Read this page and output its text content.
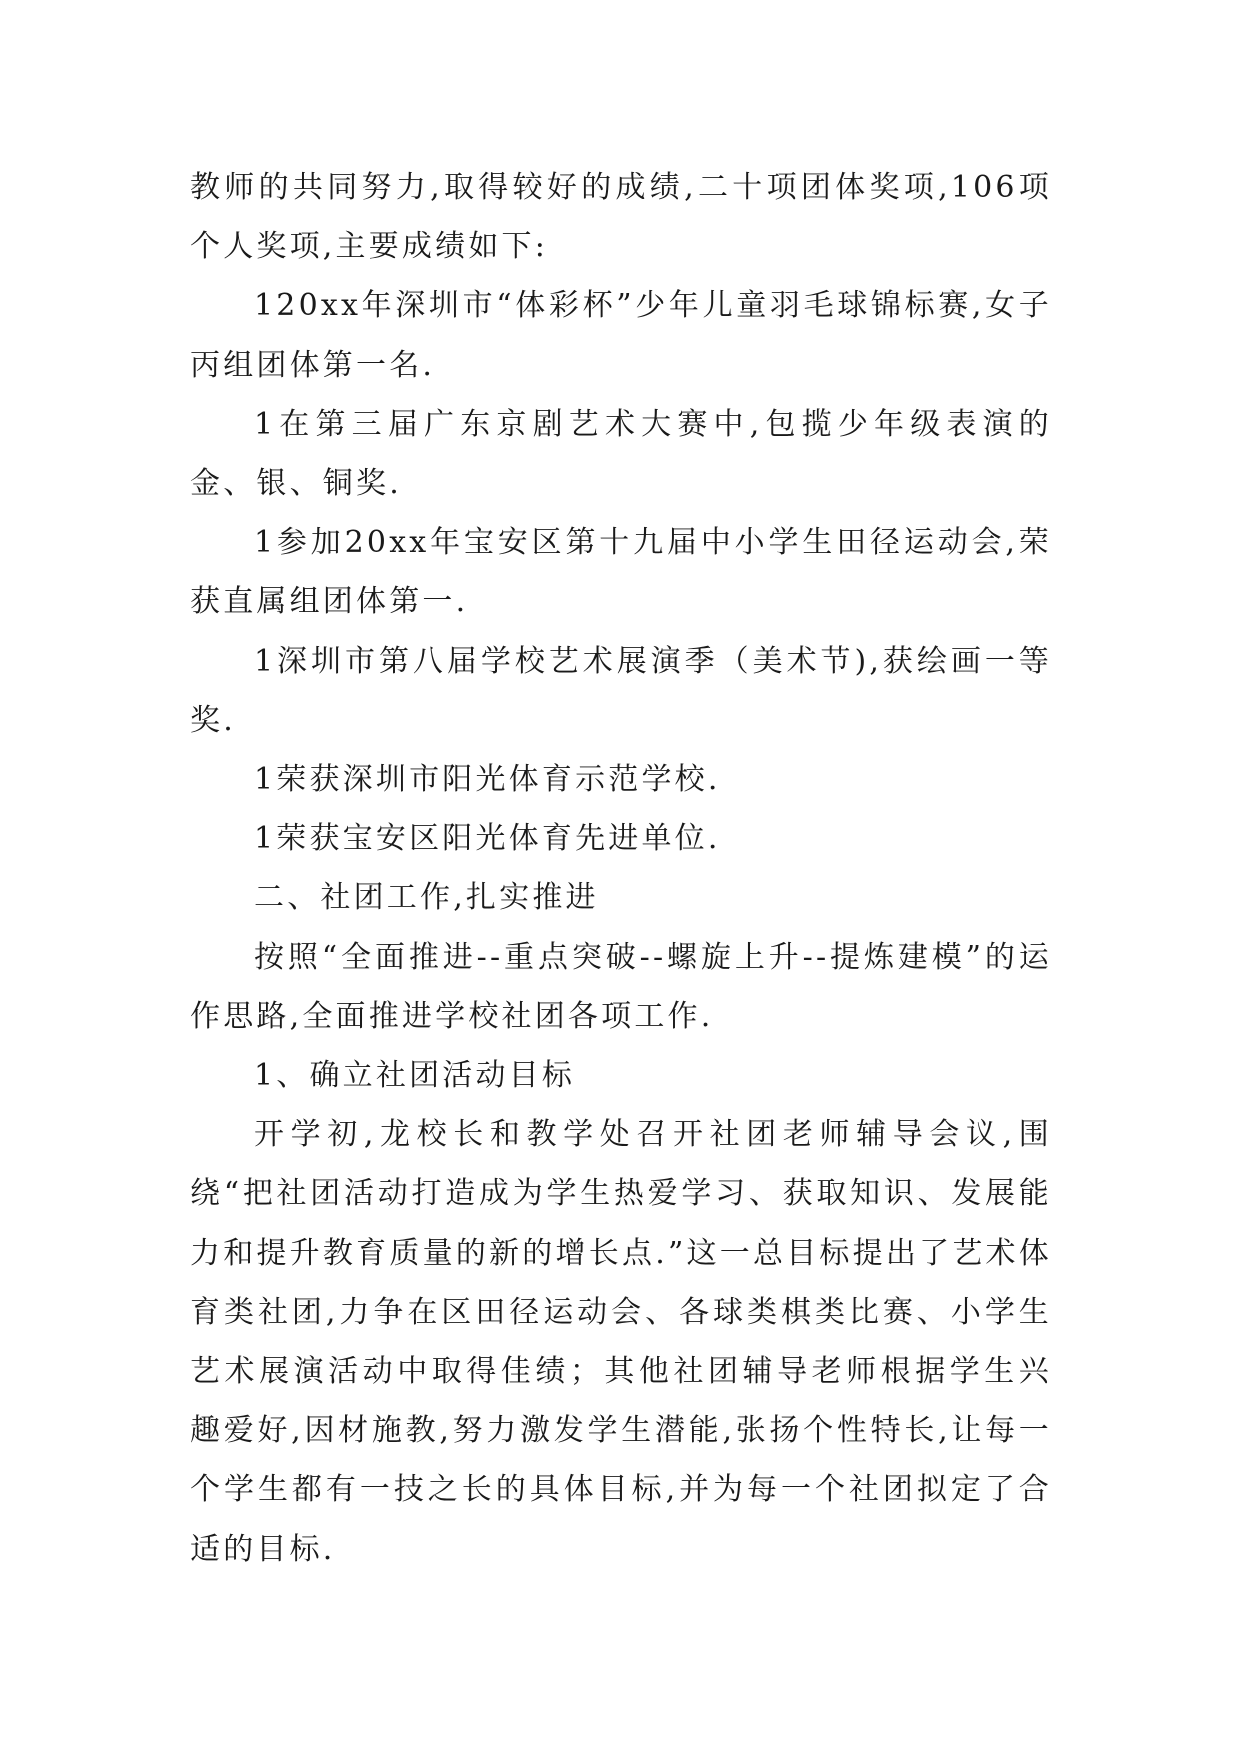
教师的共同努力,取得较好的成绩,二十项团体奖项,106项个人奖项,主要成绩如下:

120xx年深圳市“体彩杯”少年儿童羽毛球锦标赛,女子丙组团体第一名.

1在第三届广东京剧艺术大赛中,包揽少年级表演的金、银、铜奖.

1参加20xx年宝安区第十九届中小学生田径运动会,荣获直属组团体第一.

1深圳市第八届学校艺术展演季（美术节),获绘画一等奖.

1荣获深圳市阳光体育示范学校.

1荣获宝安区阳光体育先进单位.

二、社团工作,扎实推进

按照“全面推进--重点突破--螺旋上升--提炼建模”的运作思路,全面推进学校社团各项工作.

1、确立社团活动目标

开学初,龙校长和教学处召开社团老师辅导会议,围绕“把社团活动打造成为学生热爱学习、获取知识、发展能力和提升教育质量的新的增长点.”这一总目标提出了艺术体育类社团,力争在区田径运动会、各球类棋类比赛、小学生艺术展演活动中取得佳绩；其他社团辅导老师根据学生兴趣爱好,因材施教,努力激发学生潜能,张扬个性特长,让每一个学生都有一技之长的具体目标,并为每一个社团拟定了合适的目标.
